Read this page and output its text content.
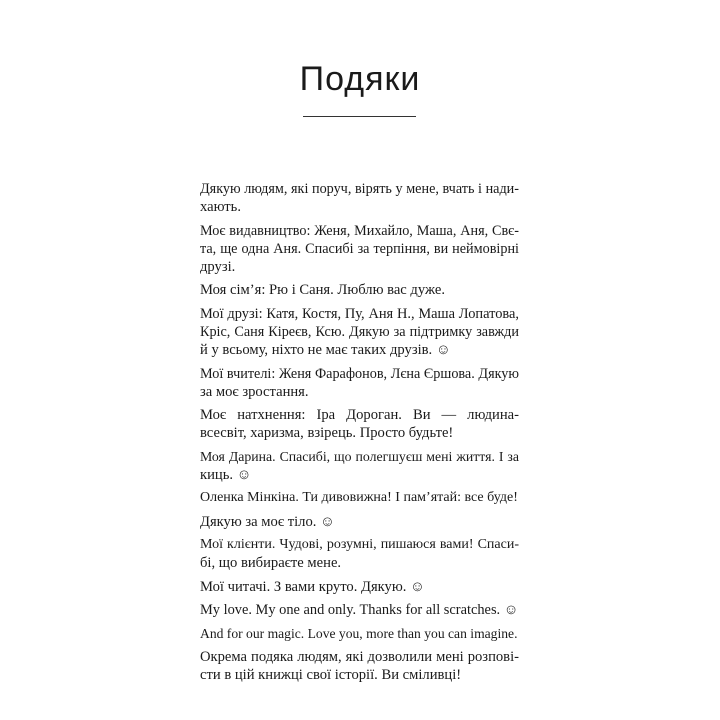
Подяки
Дякую людям, які поруч, вірять у мене, вчать і нади-
хають.
Моє видавництво: Женя, Михайло, Маша, Аня, Свє-
та, ще одна Аня. Спасибі за терпіння, ви неймовірні
друзі.
Моя сім’я: Рю і Саня. Люблю вас дуже.
Мої друзі: Катя, Костя, Пу, Аня Н., Маша Лопатова,
Кріс, Саня Кіреєв, Ксю. Дякую за підтримку завжди
й у всьому, ніхто не має таких друзів. ☺
Мої вчителі: Женя Фарафонов, Лєна Єршова. Дякую
за моє зростання.
Моє натхнення: Іра Дороган. Ви — людина-
всесвіт, харизма, взірець. Просто будьте!
Моя Дарина. Спасибі, що полегшуєш мені життя. І за
киць. ☺
Оленка Мінкіна. Ти дивовижна! І пам’ятай: все буде!
Дякую за моє тіло. ☺
Мої клієнти. Чудові, розумні, пишаюся вами! Спаси-
бі, що вибираєте мене.
Мої читачі. З вами круто. Дякую. ☺
My love. My one and only. Thanks for all scratches. ☺
And for our magic. Love you, more than you can imagine.
Окрема подяка людям, які дозволили мені розпові-
сти в цій книжці свої історії. Ви сміливці!
